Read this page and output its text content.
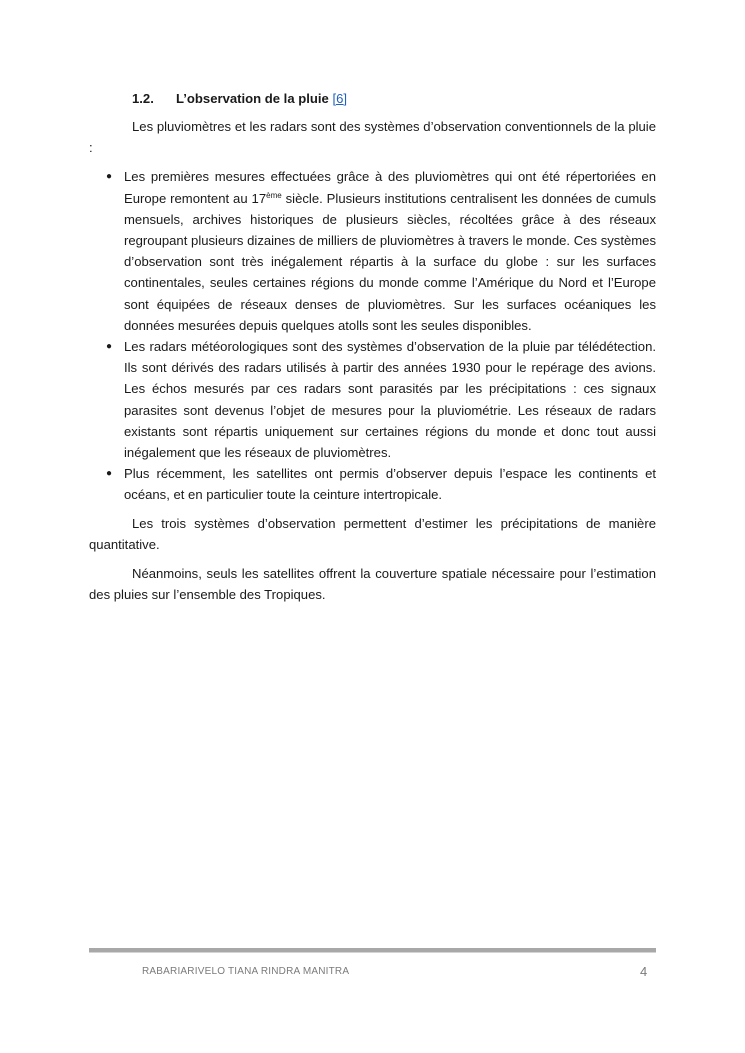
1.2. L’observation de la pluie [6]

Les pluviomètres et les radars sont des systèmes d’observation conventionnels de la pluie :

● Les premières mesures effectuées grâce à des pluviomètres qui ont été répertoriées en Europe remontent au 17ème siècle. Plusieurs institutions centralisent les données de cumuls mensuels, archives historiques de plusieurs siècles, récoltées grâce à des réseaux regroupant plusieurs dizaines de milliers de pluviomètres à travers le monde. Ces systèmes d’observation sont très inégalement répartis à la surface du globe : sur les surfaces continentales, seules certaines régions du monde comme l’Amérique du Nord et l’Europe sont équipées de réseaux denses de pluviomètres. Sur les surfaces océaniques les données mesurées depuis quelques atolls sont les seules disponibles.
● Les radars météorologiques sont des systèmes d’observation de la pluie par télédétection. Ils sont dérivés des radars utilisés à partir des années 1930 pour le repérage des avions. Les échos mesurés par ces radars sont parasités par les précipitations : ces signaux parasites sont devenus l’objet de mesures pour la pluviométrie. Les réseaux de radars existants sont répartis uniquement sur certaines régions du monde et donc tout aussi inégalement que les réseaux de pluviomètres.
● Plus récemment, les satellites ont permis d’observer depuis l’espace les continents et océans, et en particulier toute la ceinture intertropicale.

Les trois systèmes d’observation permettent d’estimer les précipitations de manière quantitative.

Néanmoins, seuls les satellites offrent la couverture spatiale nécessaire pour l’estimation des pluies sur l’ensemble des Tropiques.

RABARIARIVELO TIANA RINDRA MANITRA	4
